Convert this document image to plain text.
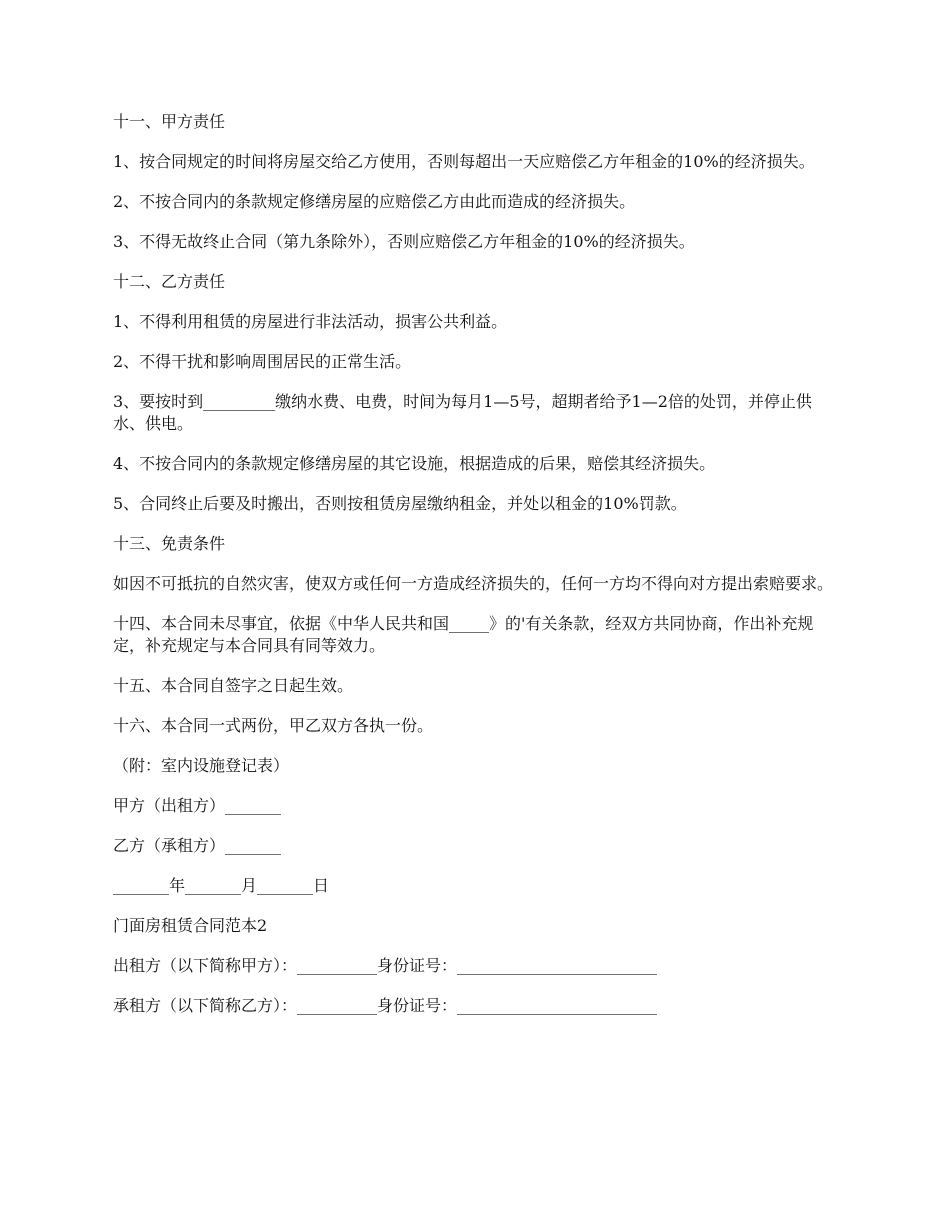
十一、甲方责任

1、按合同规定的时间将房屋交给乙方使用，否则每超出一天应赔偿乙方年租金的10%的经济损失。

2、不按合同内的条款规定修缮房屋的应赔偿乙方由此而造成的经济损失。

3、不得无故终止合同（第九条除外），否则应赔偿乙方年租金的10%的经济损失。

十二、乙方责任

1、不得利用租赁的房屋进行非法活动，损害公共利益。

2、不得干扰和影响周围居民的正常生活。

3、要按时到_________缴纳水费、电费，时间为每月1—5号，超期者给予1—2倍的处罚，并停止供水、供电。

4、不按合同内的条款规定修缮房屋的其它设施，根据造成的后果，赔偿其经济损失。

5、合同终止后要及时搬出，否则按租赁房屋缴纳租金，并处以租金的10%罚款。

十三、免责条件

如因不可抵抗的自然灾害，使双方或任何一方造成经济损失的，任何一方均不得向对方提出索赔要求。

十四、本合同未尽事宜，依据《中华人民共和国_____》的'有关条款，经双方共同协商，作出补充规定，补充规定与本合同具有同等效力。

十五、本合同自签字之日起生效。

十六、本合同一式两份，甲乙双方各执一份。

（附：室内设施登记表）

甲方（出租方）_______

乙方（承租方）_______

_______年_______月_______日

门面房租赁合同范本2

出租方（以下简称甲方）：__________身份证号：_________________________

承租方（以下简称乙方）：__________身份证号：_________________________
